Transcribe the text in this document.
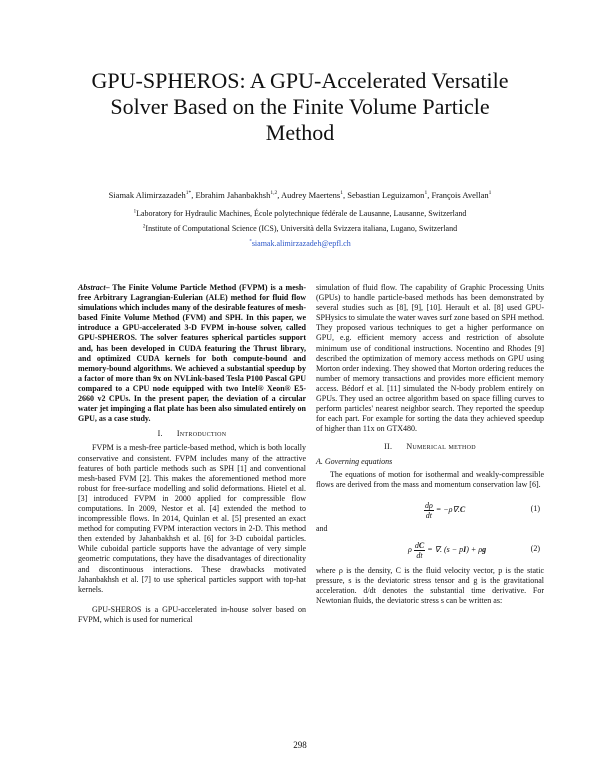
GPU-SPHEROS: A GPU-Accelerated Versatile
Solver Based on the Finite Volume Particle
Method
Siamak Alimirzazadeh$^{1*}$, Ebrahim Jahanbakhsh$^{1,2}$, Audrey Maertens$^1$, Sebastian Leguizamon$^1$, François Avellan$^1$
$^1$Laboratory for Hydraulic Machines, École polytechnique fédérale de Lausanne, Lausanne, Switzerland
$^2$Institute of Computational Science (ICS), Università della Svizzera italiana, Lugano, Switzerland
*siamak.alimirzazadeh@epfl.ch

Abstract– The Finite Volume Particle Method (FVPM) is a mesh-free Arbitrary Lagrangian-Eulerian (ALE) method for fluid flow simulations which includes many of the desirable features of mesh-based Finite Volume Method (FVM) and SPH. In this paper, we introduce a GPU-accelerated 3-D FVPM in-house solver, called GPU-SPHEROS. The solver features spherical particles support and, has been developed in CUDA featuring the Thrust library, and optimized CUDA kernels for both compute-bound and memory-bound algorithms. We achieved a substantial speedup by a factor of more than 9x on NVLink-based Tesla P100 Pascal GPU compared to a CPU node equipped with two Intel® Xeon® E5-2660 v2 CPUs. In the present paper, the deviation of a circular water jet impinging a flat plate has been also simulated entirely on GPU, as a case study.

I. Introduction

FVPM is a mesh-free particle-based method, which is both locally conservative and consistent. FVPM includes many of the attractive features of both particle methods such as SPH [1] and conventional mesh-based FVM [2]. This makes the aforementioned method more robust for free-surface modelling and solid deformations. Hietel et al. [3] introduced FVPM in 2000 applied for compressible flow computations. In 2009, Nestor et al. [4] extended the method to incompressible flows. In 2014, Quinlan et al. [5] presented an exact method for computing FVPM interaction vectors in 2-D. This method then extended by Jahanbakhsh et al. [6] for 3-D cuboidal particles. While cuboidal particle supports have the advantage of very simple geometric computations, they have the disadvantages of directionality and discontinuous interactions. These drawbacks motivated Jahanbakhsh et al. [7] to use spherical particles support with top-hat kernels.

GPU-SHEROS is a GPU-accelerated in-house solver based on FVPM, which is used for numerical

simulation of fluid flow. The capability of Graphic Processing Units (GPUs) to handle particle-based methods has been demonstrated by several studies such as [8], [9], [10]. Herault et al. [8] used GPU-SPHysics to simulate the water waves surf zone based on SPH method. They proposed various techniques to get a higher performance on GPU, e.g. efficient memory access and restriction of absolute minimum use of conditional instructions. Nocentino and Rhodes [9] described the optimization of memory access methods on GPU using Morton order indexing. They showed that Morton ordering reduces the number of memory transactions and provides more efficient memory access. Bédorf et al. [11] simulated the N-body problem entirely on GPUs. They used an octree algorithm based on space filling curves to perform particles' nearest neighbor search. They reported the speedup for each part. For example for sorting the data they achieved speedup of higher than 11x on GTX480.

II. Numerical method
A. Governing equations

The equations of motion for isothermal and weakly-compressible flows are derived from the mass and momentum conservation law [6].

$\frac{d\rho}{dt} = -\rho\nabla.C$	(1)

and

ρ $\frac{dC}{dt}$ = ∇. (s − pI) + ρg	(2)

where ρ is the density, C is the fluid velocity vector, p is the static pressure, s is the deviatoric stress tensor and g is the gravitational acceleration. d/dt denotes the substantial time derivative. For Newtonian fluids, the deviatoric stress s can be written as:

298
